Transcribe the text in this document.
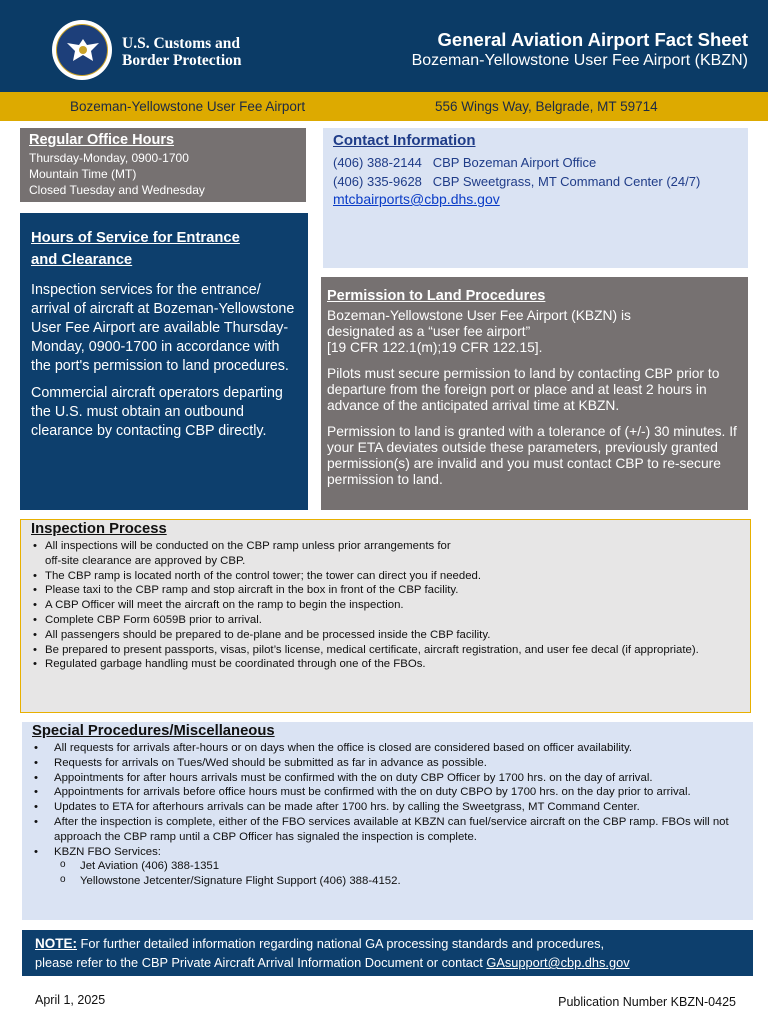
U.S. Customs and
Border Protection
General Aviation Airport Fact Sheet
Bozeman-Yellowstone User Fee Airport (KBZN)
Bozeman-Yellowstone User Fee Airport	556 Wings Way, Belgrade, MT 59714
Regular Office Hours

Thursday-Monday, 0900-1700

Mountain Time (MT)

Closed Tuesday and Wednesday

Hours of Service for Entrance
and Clearance

Inspection services for the entrance/ arrival of aircraft at Bozeman-Yellowstone User Fee Airport are available Thursday-Monday, 0900-1700 in accordance with the port's permission to land procedures.

Commercial aircraft operators departing the U.S. must obtain an outbound clearance by contacting CBP directly.

Contact Information

(406) 388-2144   CBP Bozeman Airport Office

(406) 335-9628   CBP Sweetgrass, MT Command Center (24/7)

mtcbairports@cbp.dhs.gov
Permission to Land Procedures

Bozeman-Yellowstone User Fee Airport (KBZN) is
designated as a “user fee airport”
[19 CFR 122.1(m);19 CFR 122.15].

Pilots must secure permission to land by contacting CBP prior to departure from the foreign port or place and at least 2 hours in advance of the anticipated arrival time at KBZN.

Permission to land is granted with a tolerance of (+/-) 30 minutes. If your ETA deviates outside these parameters, previously granted permission(s) are invalid and you must contact CBP to re-secure permission to land.

Inspection Process
• All inspections will be conducted on the CBP ramp unless prior arrangements for
off-site clearance are approved by CBP.
• The CBP ramp is located north of the control tower; the tower can direct you if needed.
• Please taxi to the CBP ramp and stop aircraft in the box in front of the CBP facility.
• A CBP Officer will meet the aircraft on the ramp to begin the inspection.
• Complete CBP Form 6059B prior to arrival.
• All passengers should be prepared to de-plane and be processed inside the CBP facility.
• Be prepared to present passports, visas, pilot’s license, medical certificate, aircraft registration, and user fee decal (if appropriate).
• Regulated garbage handling must be coordinated through one of the FBOs.
Special Procedures/Miscellaneous
• All requests for arrivals after-hours or on days when the office is closed are considered based on officer availability.
• Requests for arrivals on Tues/Wed should be submitted as far in advance as possible.
• Appointments for after hours arrivals must be confirmed with the on duty CBP Officer by 1700 hrs. on the day of arrival.
• Appointments for arrivals before office hours must be confirmed with the on duty CBPO by 1700 hrs. on the day prior to arrival.
• Updates to ETA for afterhours arrivals can be made after 1700 hrs. by calling the Sweetgrass, MT Command Center.
• After the inspection is complete, either of the FBO services available at KBZN can fuel/service aircraft on the CBP ramp. FBOs will not approach the CBP ramp until a CBP Officer has signaled the inspection is complete.
• KBZN FBO Services:
o Jet Aviation (406) 388-1351
o Yellowstone Jetcenter/Signature Flight Support (406) 388-4152.
NOTE: For further detailed information regarding national GA processing standards and procedures,
please refer to the CBP Private Aircraft Arrival Information Document or contact GAsupport@cbp.dhs.gov
April 1, 2025	Publication Number KBZN-0425
